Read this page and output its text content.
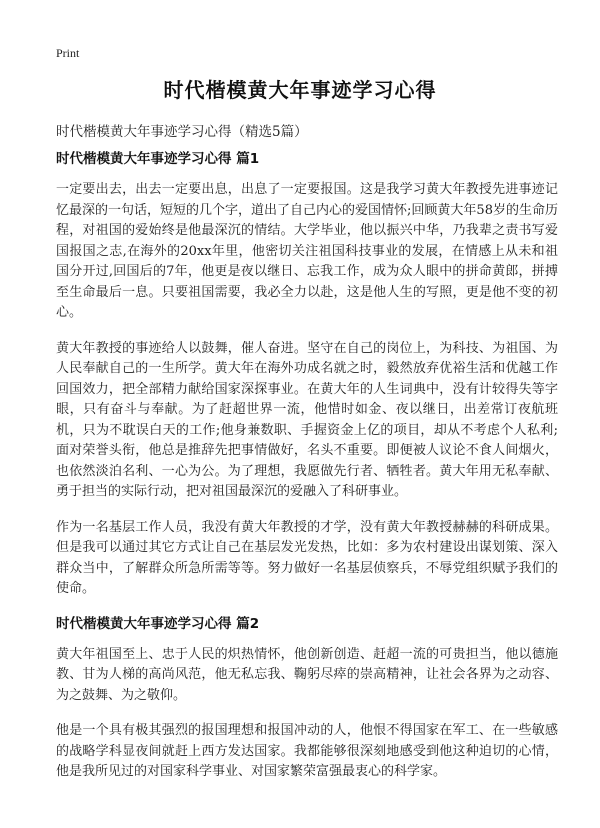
Print
时代楷模黄大年事迹学习心得

时代楷模黄大年事迹学习心得（精选5篇）

时代楷模黄大年事迹学习心得 篇1

一定要出去，出去一定要出息，出息了一定要报国。这是我学习黄大年教授先进事迹记忆最深的一句话，短短的几个字，道出了自己内心的爱国情怀;回顾黄大年58岁的生命历程，对祖国的爱始终是他最深沉的情结。大学毕业，他以振兴中华，乃我辈之责书写爱国报国之志,在海外的20xx年里，他密切关注祖国科技事业的发展，在情感上从未和祖国分开过,回国后的7年，他更是夜以继日、忘我工作，成为众人眼中的拼命黄郎，拼搏至生命最后一息。只要祖国需要，我必全力以赴，这是他人生的写照，更是他不变的初心。

黄大年教授的事迹给人以鼓舞，催人奋进。坚守在自己的岗位上，为科技、为祖国、为人民奉献自己的一生所学。黄大年在海外功成名就之时，毅然放弃优裕生活和优越工作回国效力，把全部精力献给国家深探事业。在黄大年的人生词典中，没有计较得失等字眼，只有奋斗与奉献。为了赶超世界一流，他惜时如金、夜以继日，出差常订夜航班机，只为不耽误白天的工作;他身兼数职、手握资金上亿的项目，却从不考虑个人私利;面对荣誉头衔，他总是推辞先把事情做好，名头不重要。即便被人议论不食人间烟火，也依然淡泊名利、一心为公。为了理想，我愿做先行者、牺牲者。黄大年用无私奉献、勇于担当的实际行动，把对祖国最深沉的爱融入了科研事业。

作为一名基层工作人员，我没有黄大年教授的才学，没有黄大年教授赫赫的科研成果。但是我可以通过其它方式让自己在基层发光发热，比如：多为农村建设出谋划策、深入群众当中，了解群众所急所需等等。努力做好一名基层侦察兵，不辱党组织赋予我们的使命。

时代楷模黄大年事迹学习心得 篇2

黄大年祖国至上、忠于人民的炽热情怀，他创新创造、赶超一流的可贵担当，他以德施教、甘为人梯的高尚风范，他无私忘我、鞠躬尽瘁的崇高精神，让社会各界为之动容、为之鼓舞、为之敬仰。

他是一个具有极其强烈的报国理想和报国冲动的人，他恨不得国家在军工、在一些敏感的战略学科显夜间就赶上西方发达国家。我都能够很深刻地感受到他这种迫切的心情，他是我所见过的对国家科学事业、对国家繁荣富强最衷心的科学家。
